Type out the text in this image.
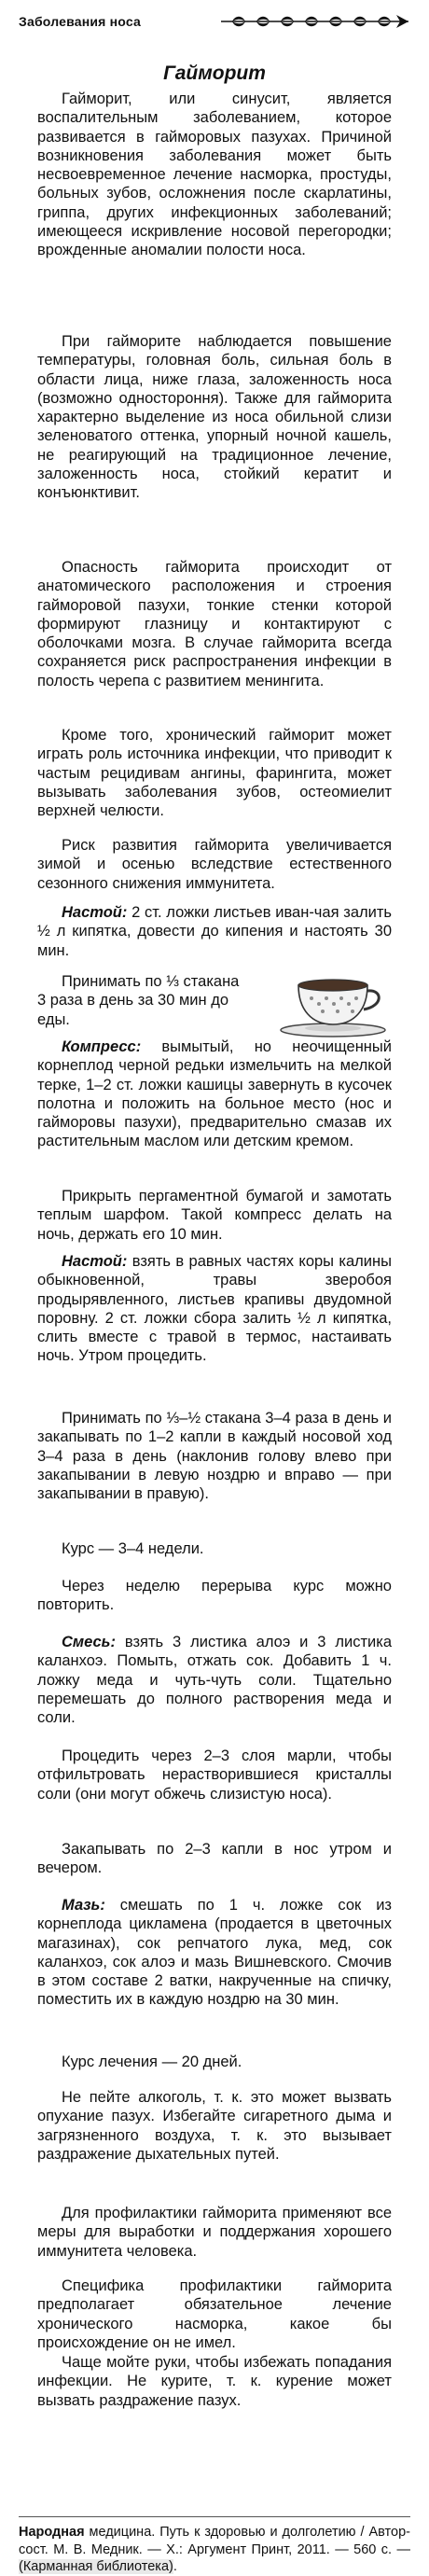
Заболевания носа
Гайморит

Гайморит, или синусит, является воспалительным заболеванием, которое развивается в гайморовых пазухах. Причиной возникновения заболевания может быть несвоевременное лечение насморка, простуды, больных зубов, осложнения после скарлатины, гриппа, других инфекционных заболеваний; имеющееся искривление носовой перегородки; врожденные аномалии полости носа.

При гайморите наблюдается повышение температуры, головная боль, сильная боль в области лица, ниже глаза, заложенность носа (возможно одностороння). Также для гайморита характерно выделение из носа обильной слизи зеленоватого оттенка, упорный ночной кашель, не реагирующий на традиционное лечение, заложенность носа, стойкий кератит и конъюнктивит.

Опасность гайморита происходит от анатомического расположения и строения гайморовой пазухи, тонкие стенки которой формируют глазницу и контактируют с оболочками мозга. В случае гайморита всегда сохраняется риск распространения инфекции в полость черепа с развитием менингита.

Кроме того, хронический гайморит может играть роль источника инфекции, что приводит к частым рецидивам ангины, фарингита, может вызывать заболевания зубов, остеомиелит верхней челюсти.

Риск развития гайморита увеличивается зимой и осенью вследствие естественного сезонного снижения иммунитета.

Настой: 2 ст. ложки листьев иван-чая залить ½ л кипятка, довести до кипения и настоять 30 мин.

Принимать по ⅓ стакана 3 раза в день за 30 мин до еды.

Компресс: вымытый, но неочищенный корнеплод черной редьки измельчить на мелкой терке, 1–2 ст. ложки кашицы завернуть в кусочек полотна и положить на больное место (нос и гайморовы пазухи), предварительно смазав их растительным маслом или детским кремом.

Прикрыть пергаментной бумагой и замотать теплым шарфом. Такой компресс делать на ночь, держать его 10 мин.

Настой: взять в равных частях коры калины обыкновенной, травы зверобоя продырявленного, листьев крапивы двудомной поровну. 2 ст. ложки сбора залить ½ л кипятка, слить вместе с травой в термос, настаивать ночь. Утром процедить.

Принимать по ⅓–½ стакана 3–4 раза в день и закапывать по 1–2 капли в каждый носовой ход 3–4 раза в день (наклонив голову влево при закапывании в левую ноздрю и вправо — при закапывании в правую).

Курс — 3–4 недели.

Через неделю перерыва курс можно повторить.

Смесь: взять 3 листика алоэ и 3 листика каланхоэ. Помыть, отжать сок. Добавить 1 ч. ложку меда и чуть-чуть соли. Тщательно перемешать до полного растворения меда и соли.

Процедить через 2–3 слоя марли, чтобы отфильтровать нерастворившиеся кристаллы соли (они могут обжечь слизистую носа).

Закапывать по 2–3 капли в нос утром и вечером.

Мазь: смешать по 1 ч. ложке сок из корнеплода цикламена (продается в цветочных магазинах), сок репчатого лука, мед, сок каланхоэ, сок алоэ и мазь Вишневского. Смочив в этом составе 2 ватки, накрученные на спичку, поместить их в каждую ноздрю на 30 мин.

Курс лечения — 20 дней.

Не пейте алкоголь, т. к. это может вызвать опухание пазух. Избегайте сигаретного дыма и загрязненного воздуха, т. к. это вызывает раздражение дыхательных путей.

Для профилактики гайморита применяют все меры для выработки и поддержания хорошего иммунитета человека.

Специфика профилактики гайморита предполагает обязательное лечение хронического насморка, какое бы происхождение он не имел.

Чаще мойте руки, чтобы избежать попадания инфекции. Не курите, т. к. курение может вызвать раздражение пазух.

Народная медицина. Путь к здоровью и долголетию / Автор-сост. М. В. Медник. — Х.: Аргумент Принт, 2011. — 560 с. — (Карманная библиотека).
